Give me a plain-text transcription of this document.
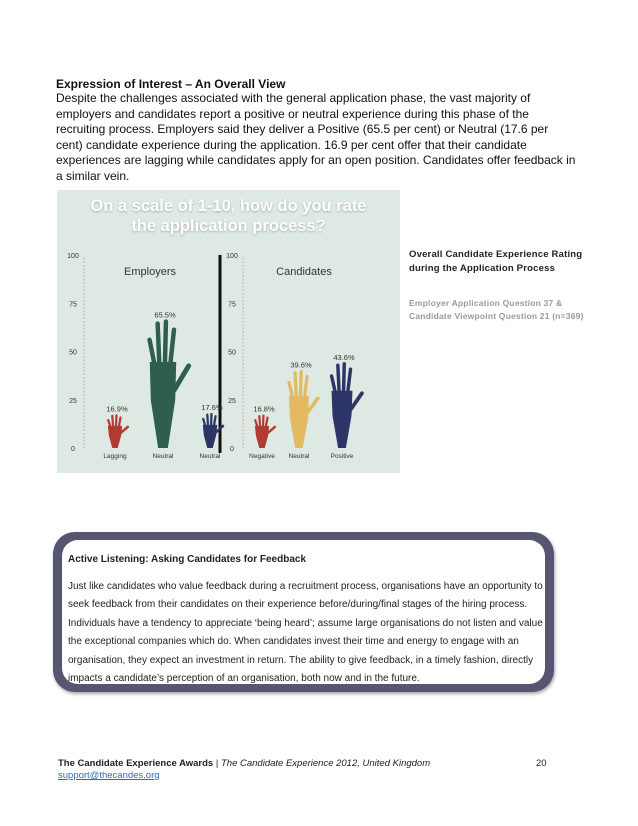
Expression of Interest – An Overall View
Despite the challenges associated with the general application phase, the vast majority of employers and candidates report a positive or neutral experience during this phase of the recruiting process. Employers said they deliver a Positive (65.5 per cent) or Neutral (17.6 per cent) candidate experience during the application. 16.9 per cent offer that their candidate experiences are lagging while candidates apply for an open position. Candidates offer feedback in a similar vein.
100
75
50
25
0
Employers
16.9%
Lagging
65.5%
Neutral
17.6%
Neutral
100
75
50
25
0
Candidates
16.8%
Negative
39.6%
Neutral
43.6%
Positive
On a scale of 1-10, how do you rate
the application process?
Overall Candidate Experience Rating during the Application Process
Employer Application Question 37 & Candidate Viewpoint Question 21 (n=369)
Active Listening: Asking Candidates for Feedback
Just like candidates who value feedback during a recruitment process, organisations have an opportunity to seek feedback from their candidates on their experience before/during/final stages of the hiring process. Individuals have a tendency to appreciate ‘being heard’; assume large organisations do not listen and value the exceptional companies which do. When candidates invest their time and energy to engage with an organisation, they expect an investment in return. The ability to give feedback, in a timely fashion, directly impacts a candidate’s perception of an organisation, both now and in the future.
The Candidate Experience Awards | The Candidate Experience 2012, United Kingdom	20
support@thecandes.org
